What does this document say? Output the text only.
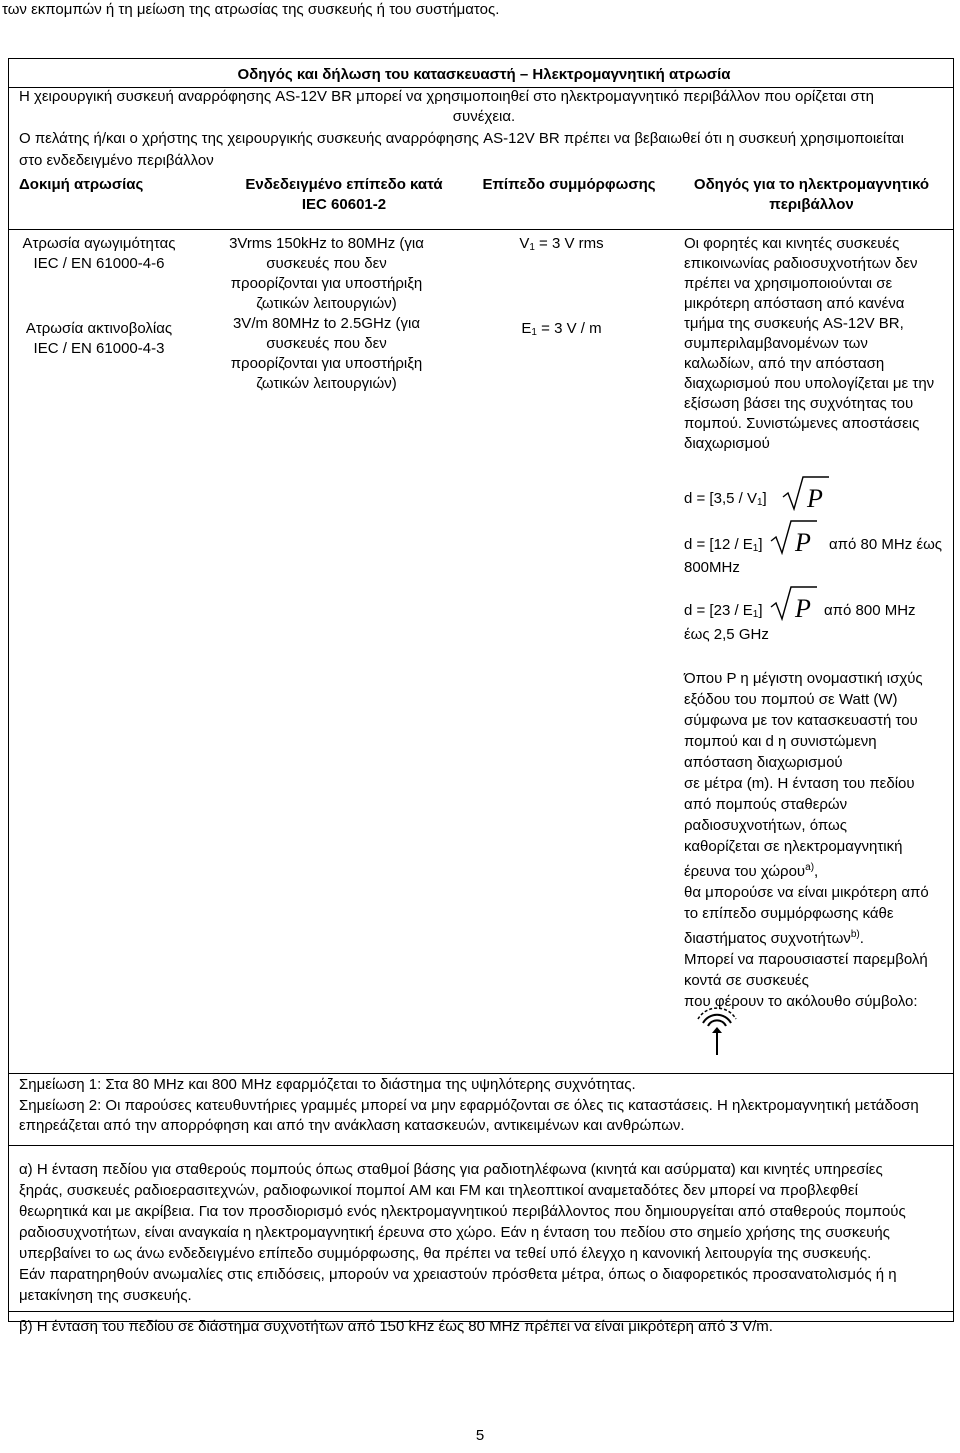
των εκπομπών ή τη μείωση της ατρωσίας της συσκευής ή του συστήματος.
Οδηγός και δήλωση του κατασκευαστή – Ηλεκτρομαγνητική ατρωσία
Η χειρουργική συσκευή αναρρόφησης AS-12V BR μπορεί να χρησιμοποιηθεί στο ηλεκτρομαγνητικό περιβάλλον που ορίζεται στη
συνέχεια.
Ο πελάτης ή/και ο χρήστης της χειρουργικής συσκευής αναρρόφησης AS-12V BR πρέπει να βεβαιωθεί ότι η συσκευή χρησιμοποιείται
στο ενδεδειγμένο περιβάλλον
Δοκιμή ατρωσίας	Ενδεδειγμένο επίπεδο κατά
IEC 60601-2
Επίπεδο συμμόρφωσης	Οδηγός για το ηλεκτρομαγνητικό
περιβάλλον
Ατρωσία αγωγιμότητας
IEC / EN 61000-4-6
Ατρωσία ακτινοβολίας
IEC / EN 61000-4-3
3Vrms 150kHz to 80MHz (για
συσκευές που δεν
προορίζονται για υποστήριξη
ζωτικών λειτουργιών)
3V/m 80MHz to 2.5GHz (για
συσκευές που δεν
προορίζονται για υποστήριξη
ζωτικών λειτουργιών)
$V_1 = 3$ V rms
$E_1 = 3$ V / m
Οι φορητές και κινητές συσκευές
επικοινωνίας ραδιοσυχνοτήτων δεν
πρέπει να χρησιμοποιούνται σε
μικρότερη απόσταση από κανένα
τμήμα της συσκευής AS-12V BR,
συμπεριλαμβανομένων των
καλωδίων, από την απόσταση
διαχωρισμού που υπολογίζεται με την
εξίσωση βάσει της συχνότητας του
πομπού. Συνιστώμενες αποστάσεις
διαχωρισμού
$d = [3,5 / V_1]$ P
$d = [12 / E_1]$ P από 80 MHz έως
800MHz
$d = [23 / E_1]$ P από 800 MHz
έως 2,5 GHz
Όπου P η μέγιστη ονομαστική ισχύς
εξόδου του πομπού σε Watt (W)
σύμφωνα με τον κατασκευαστή του
πομπού και d η συνιστώμενη
απόσταση διαχωρισμού
σε μέτρα (m). Η ένταση του πεδίου
από πομπούς σταθερών
ραδιοσυχνοτήτων, όπως
καθορίζεται σε ηλεκτρομαγνητική
έρευνα του χώρου$^{a)}$,
θα μπορούσε να είναι μικρότερη από
το επίπεδο συμμόρφωσης κάθε
διαστήματος συχνοτήτων$^{b)}$.
Μπορεί να παρουσιαστεί παρεμβολή
κοντά σε συσκευές
που φέρουν το ακόλουθο σύμβολο:
Σημείωση 1: Στα 80 MHz και 800 MHz εφαρμόζεται το διάστημα της υψηλότερης συχνότητας.
Σημείωση 2: Οι παρούσες κατευθυντήριες γραμμές μπορεί να μην εφαρμόζονται σε όλες τις καταστάσεις. Η ηλεκτρομαγνητική μετάδοση
επηρεάζεται από την απορρόφηση και από την ανάκλαση κατασκευών, αντικειμένων και ανθρώπων.
α) Η ένταση πεδίου για σταθερούς πομπούς όπως σταθμοί βάσης για ραδιοτηλέφωνα (κινητά και ασύρματα) και κινητές υπηρεσίες
ξηράς, συσκευές ραδιοερασιτεχνών, ραδιοφωνικοί πομποί AM και FM και τηλεοπτικοί αναμεταδότες δεν μπορεί να προβλεφθεί
θεωρητικά και με ακρίβεια. Για τον προσδιορισμό ενός ηλεκτρομαγνητικού περιβάλλοντος που δημιουργείται από σταθερούς πομπούς
ραδιοσυχνοτήτων, είναι αναγκαία η ηλεκτρομαγνητική έρευνα στο χώρο. Εάν η ένταση του πεδίου στο σημείο χρήσης της συσκευής
υπερβαίνει το ως άνω ενδεδειγμένο επίπεδο συμμόρφωσης, θα πρέπει να τεθεί υπό έλεγχο η κανονική λειτουργία της συσκευής.
Εάν παρατηρηθούν ανωμαλίες στις επιδόσεις, μπορούν να χρειαστούν πρόσθετα μέτρα, όπως ο διαφορετικός προσανατολισμός ή η
μετακίνηση της συσκευής.
β) Η ένταση του πεδίου σε διάστημα συχνοτήτων από 150 kHz έως 80 MHz πρέπει να είναι μικρότερη από 3 V/m.
5
